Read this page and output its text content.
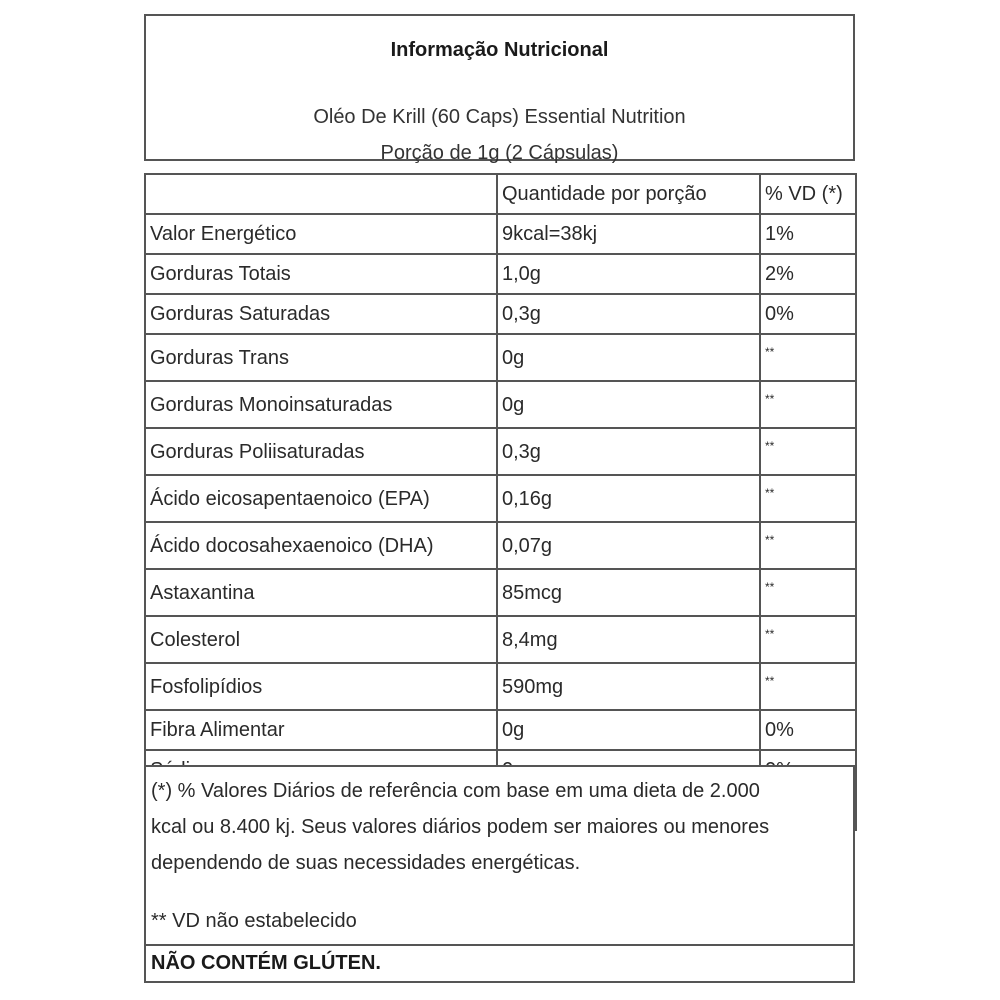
Informação Nutricional
Oléo De Krill (60 Caps) Essential Nutrition
Porção de 1g (2 Cápsulas)
	Quantidade por porção	% VD (*)
Valor Energético	9kcal=38kj	1%
Gorduras Totais	1,0g	2%
Gorduras Saturadas	0,3g	0%
Gorduras Trans	0g	**
Gorduras Monoinsaturadas	0g	**
Gorduras Poliisaturadas	0,3g	**
Ácido eicosapentaenoico (EPA)	0,16g	**
Ácido docosahexaenoico (DHA)	0,07g	**
Astaxantina	85mcg	**
Colesterol	8,4mg	**
Fosfolipídios	590mg	**
Fibra Alimentar	0g	0%

(*) % Valores Diários de referência com base em uma dieta de 2.000
kcal ou 8.400 kj. Seus valores diários podem ser maiores ou menores
dependendo de suas necessidades energéticas.
** VD não estabelecido
NÃO CONTÉM GLÚTEN.
